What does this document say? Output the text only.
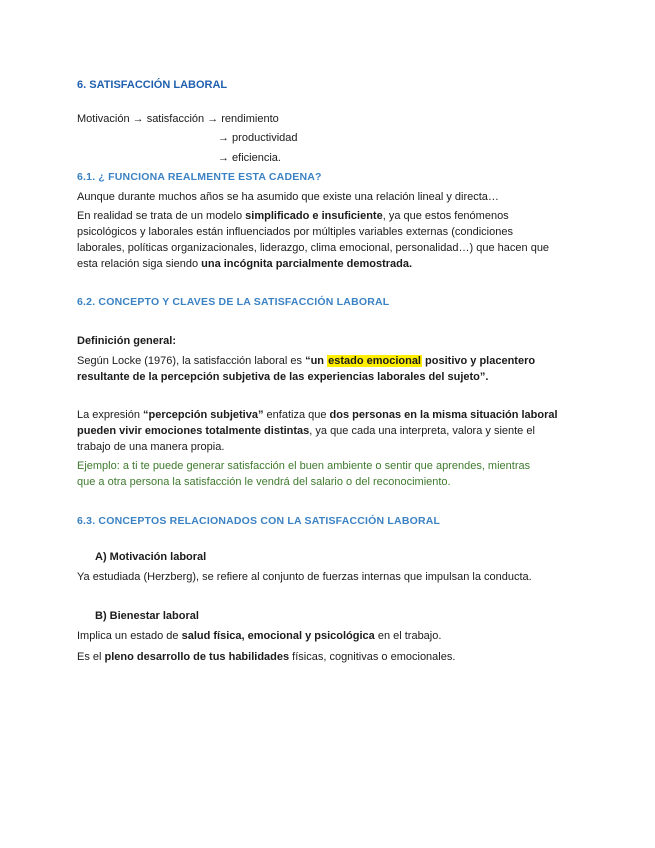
6. SATISFACCIÓN LABORAL
Motivación → satisfacción → rendimiento
→ productividad
→ eficiencia.
6.1. ¿ FUNCIONA REALMENTE ESTA CADENA?
Aunque durante muchos años se ha asumido que existe una relación lineal y directa…
En realidad se trata de un modelo simplificado e insuficiente, ya que estos fenómenos
psicológicos y laborales están influenciados por múltiples variables externas (condiciones
laborales, políticas organizacionales, liderazgo, clima emocional, personalidad…) que hacen que
esta relación siga siendo una incógnita parcialmente demostrada.
6.2. CONCEPTO Y CLAVES DE LA SATISFACCIÓN LABORAL
Definición general:
Según Locke (1976), la satisfacción laboral es “un estado emocional positivo y placentero
resultante de la percepción subjetiva de las experiencias laborales del sujeto”.
La expresión “percepción subjetiva” enfatiza que dos personas en la misma situación laboral
pueden vivir emociones totalmente distintas, ya que cada una interpreta, valora y siente el
trabajo de una manera propia.
Ejemplo: a ti te puede generar satisfacción el buen ambiente o sentir que aprendes, mientras
que a otra persona la satisfacción le vendrá del salario o del reconocimiento.
6.3. CONCEPTOS RELACIONADOS CON LA SATISFACCIÓN LABORAL
A) Motivación laboral
Ya estudiada (Herzberg), se refiere al conjunto de fuerzas internas que impulsan la conducta.
B) Bienestar laboral
Implica un estado de salud física, emocional y psicológica en el trabajo.
Es el pleno desarrollo de tus habilidades físicas, cognitivas o emocionales.
